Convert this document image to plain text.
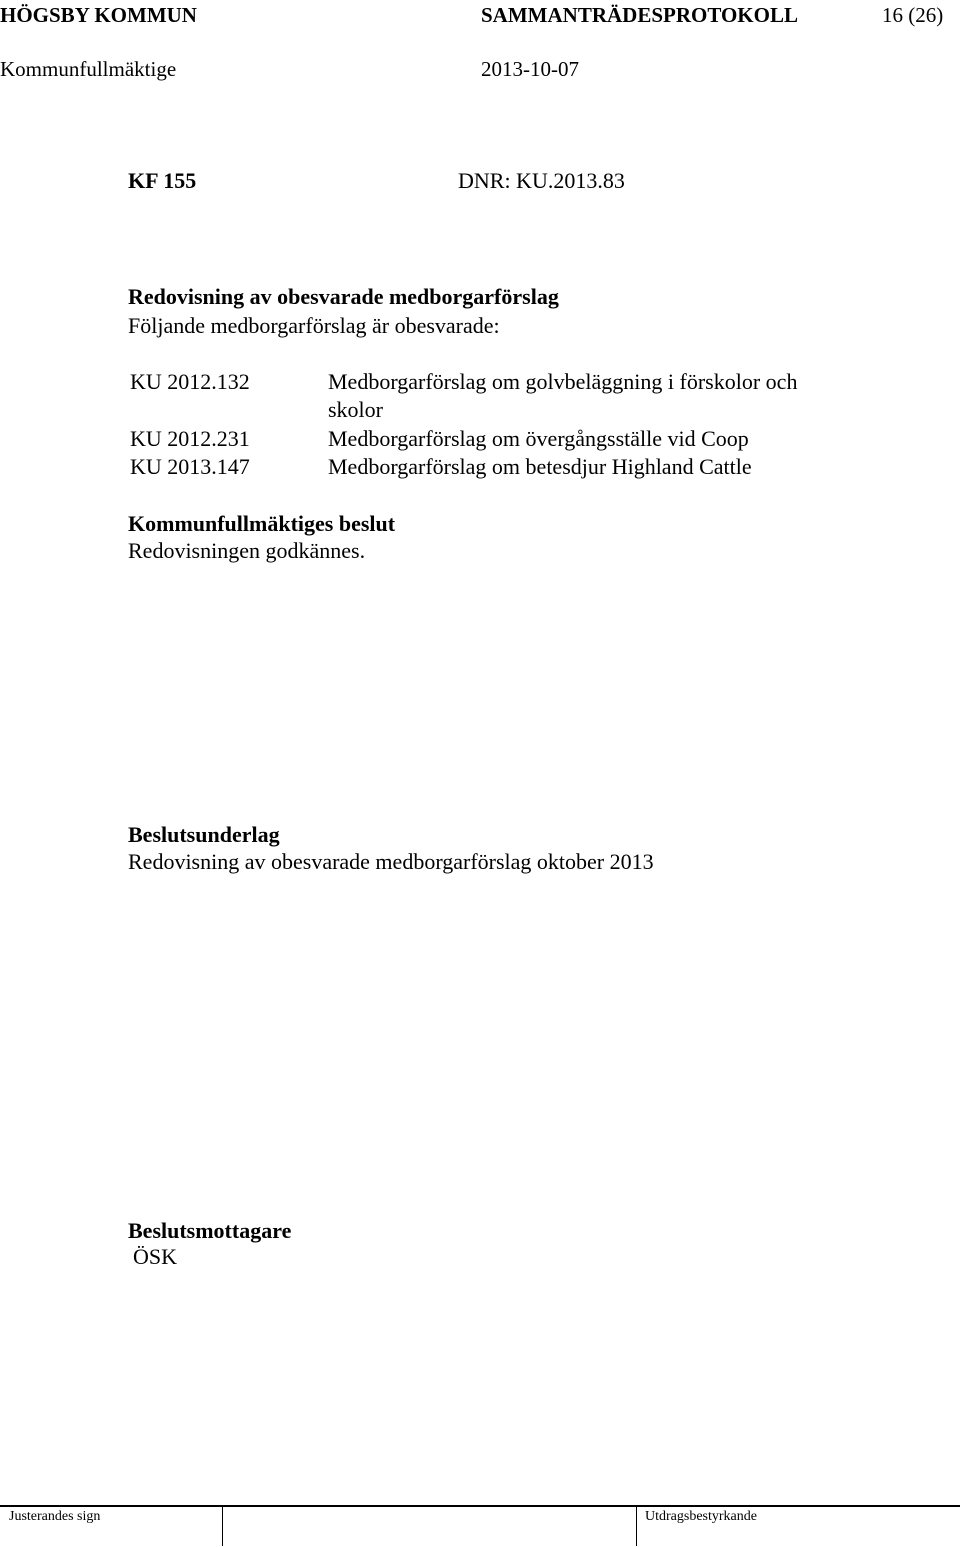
HÖGSBY KOMMUN	SAMMANTRÄDESPROTOKOLL	16 (26)
Kommunfullmäktige	2013-10-07
KF 155	DNR: KU.2013.83
Redovisning av obesvarade medborgarförslag
Följande medborgarförslag är obesvarade:
KU 2012.132	Medborgarförslag om golvbeläggning i förskolor och
skolor
KU 2012.231	Medborgarförslag om övergångsställe vid Coop
KU 2013.147	Medborgarförslag om betesdjur Highland Cattle
Kommunfullmäktiges beslut
Redovisningen godkännes.
Beslutsunderlag
Redovisning av obesvarade medborgarförslag oktober 2013
Beslutsmottagare
ÖSK
Justerandes sign	Utdragsbestyrkande
